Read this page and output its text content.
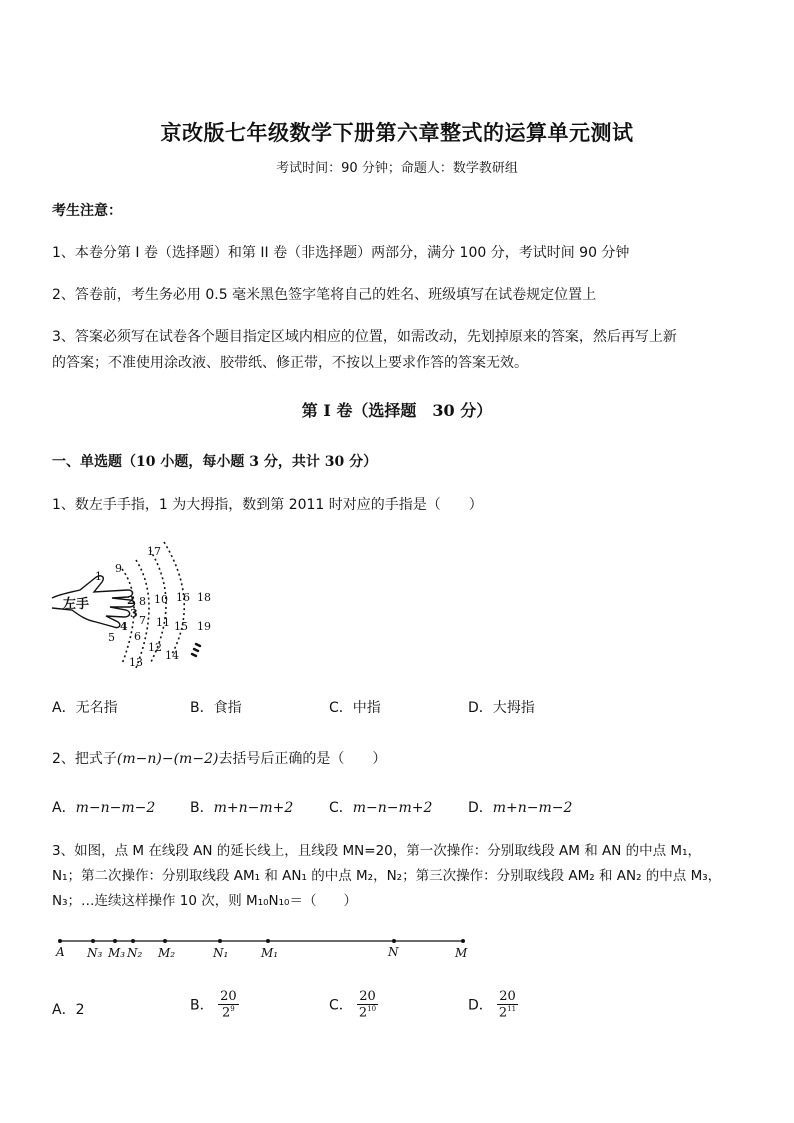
京改版七年级数学下册第六章整式的运算单元测试
考试时间：90 分钟；命题人：数学教研组
考生注意：
1、本卷分第 I 卷（选择题）和第 II 卷（非选择题）两部分，满分 100 分，考试时间 90 分钟
2、答卷前，考生务必用 0.5 毫米黑色签字笔将自己的姓名、班级填写在试卷规定位置上
3、答案必须写在试卷各个题目指定区域内相应的位置，如需改动，先划掉原来的答案，然后再写上新
的答案；不准使用涂改液、胶带纸、修正带，不按以上要求作答的答案无效。
第 I 卷（选择题　30 分）
一、单选题（10 小题，每小题 3 分，共计 30 分）
1、数左手手指，1 为大拇指，数到第 2011 时对应的手指是（　　）
左手
1
2
3
4
5 6
7
8
9
10
11
12
13
14
15
16
17
18
19
A．无名指	B．食指	C．中指	D．大拇指
2、把式子(m−n)−(m−2)去括号后正确的是（　　）
A．m−n−m−2 B．m+n−m+2	C．m−n−m+2	D．m+n−m−2
3、如图，点 M 在线段 AN 的延长线上，且线段 MN=20，第一次操作：分别取线段 AM 和 AN 的中点 M₁，
N₁；第二次操作：分别取线段 AM₁ 和 AN₁ 的中点 M₂，N₂；第三次操作：分别取线段 AM₂ 和 AN₂ 的中点 M₃，
N₃；…连续这样操作 10 次，则 M₁₀N₁₀＝（　　）
A N₃ M₃ N₂ M₂	N₁	M₁	N	M
A．2	B． $\frac{20}{2^9}$	C． $\frac{20}{2^{10}}$	D． $\frac{20}{2^{11}}$
